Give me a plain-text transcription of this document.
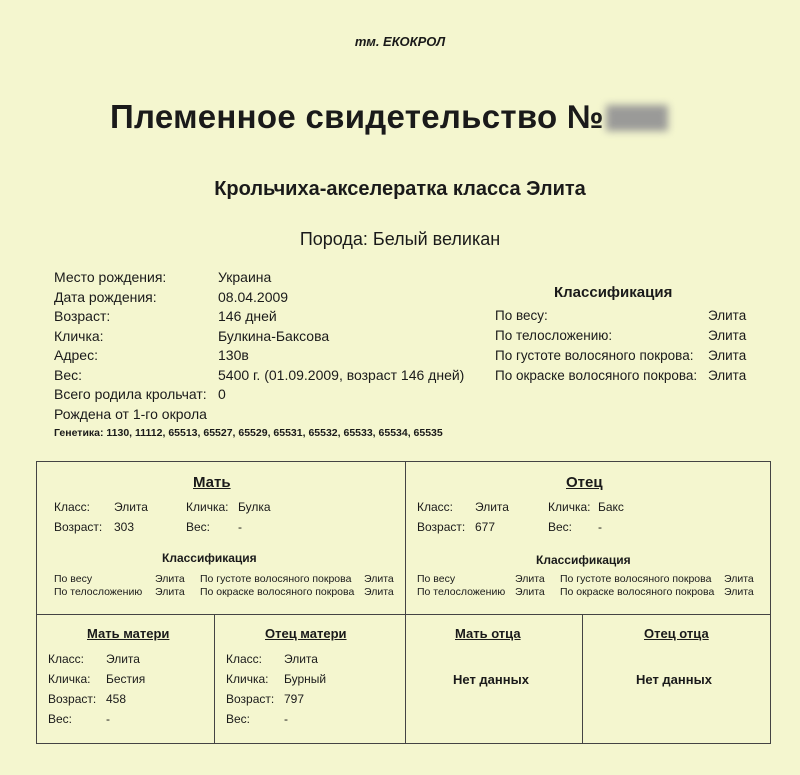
тм. ЕКОКРОЛ
Племенное свидетельство №
Крольчиха-акселератка класса Элита
Порода: Белый великан
Место рождения:	Украина
Дата рождения:	08.04.2009
Возраст:	146 дней
Кличка:	Булкина-Баксова
Адрес:	130в
Вес:	5400 г. (01.09.2009, возраст 146 дней)
Всего родила крольчат: 0
Рождена от 1-го окрола
Генетика: 1130, 11112, 65513, 65527, 65529, 65531, 65532, 65533, 65534, 65535
Классификация
По весу:	Элита
По телосложению:	Элита
По густоте волосяного покрова:	Элита
По окраске волосяного покрова: Элита
Мать
Класс: Элита	Кличка: Булка
Возраст: 303	Вес: -
Классификация
По весу	Элита По густоте волосяного покрова Элита
По телосложению Элита По окраске волосяного покрова Элита
Отец
Класс: Элита	Кличка: Бакс
Возраст: 677	Вес: -
Классификация
По весу	Элита По густоте волосяного покрова Элита
По телосложению Элита По окраске волосяного покрова Элита
Мать матери
Класс: Элита
Кличка: Бестия
Возраст: 458
Вес:	-
Отец матери
Класс: Элита
Кличка: Бурный
Возраст: 797
Вес:	-
Мать отца
Нет данных
Отец отца
Нет данных
